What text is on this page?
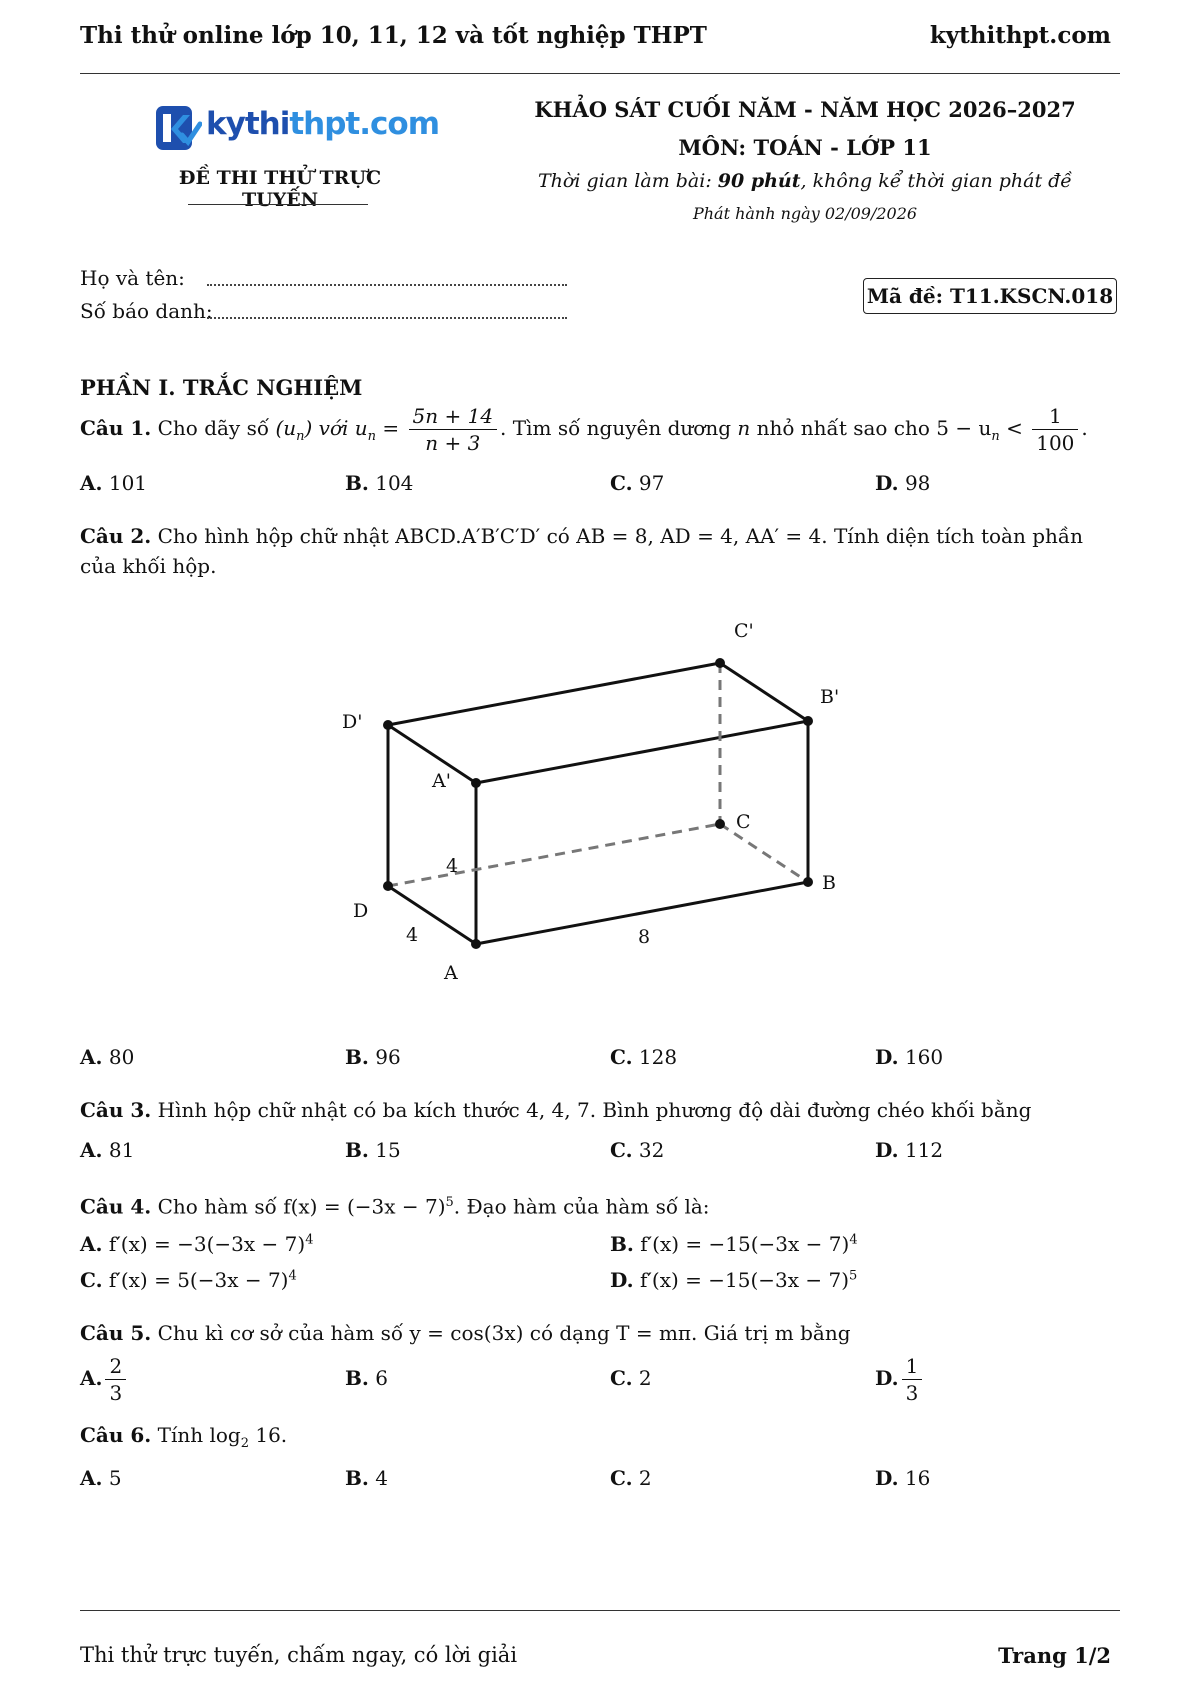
Thi thử online lớp 10, 11, 12 và tốt nghiệp THPT	kythithpt.com
kythithpt.com
ĐỀ THI THỬ TRỰC TUYẾN
KHẢO SÁT CUỐI NĂM - NĂM HỌC 2026–2027
MÔN: TOÁN - LỚP 11
Thời gian làm bài: 90 phút, không kể thời gian phát đề
Phát hành ngày 02/09/2026
Họ và tên:
Số báo danh:
Mã đề: T11.KSCN.018
PHẦN I. TRẮC NGHIỆM
Câu 1. Cho dãy số $(u_n)$ với $u_n = \frac{5n + 14}{n + 3}$ . Tìm số nguyên dương n nhỏ nhất sao cho $5 - u_n < \frac{1}{100}$ .
A. 101	B. 104	C. 97	D. 98
Câu 2. Cho hình hộp chữ nhật ABCD.A′B′C′D′ có AB = 8, AD = 4, AA′ = 4. Tính diện tích toàn phần của khối hộp.
C'
B'
D'
A'
C
B
D
A
4
4	8
A. 80	B. 96	C. 128	D. 160
Câu 3. Hình hộp chữ nhật có ba kích thước 4, 4, 7. Bình phương độ dài đường chéo khối bằng
A. 81	B. 15	C. 32	D. 112
Câu 4. Cho hàm số $f(x) = (-3x - 7)^5$. Đạo hàm của hàm số là:
A. $f'(x) = -3(-3x - 7)^4$	B. $f'(x) = -15(-3x - 7)^4$
C. $f'(x) = 5(-3x - 7)^4$	D. $f'(x) = -15(-3x - 7)^5$
Câu 5. Chu kì cơ sở của hàm số y = cos(3x) có dạng T = mπ. Giá trị m bằng
A. $\frac{2}{3}$	B. 6	C. 2	D. $\frac{1}{3}$
Câu 6. Tính $\log_2 16$.
A. 5	B. 4	C. 2	D. 16
Thi thử trực tuyến, chấm ngay, có lời giải	Trang 1/2
